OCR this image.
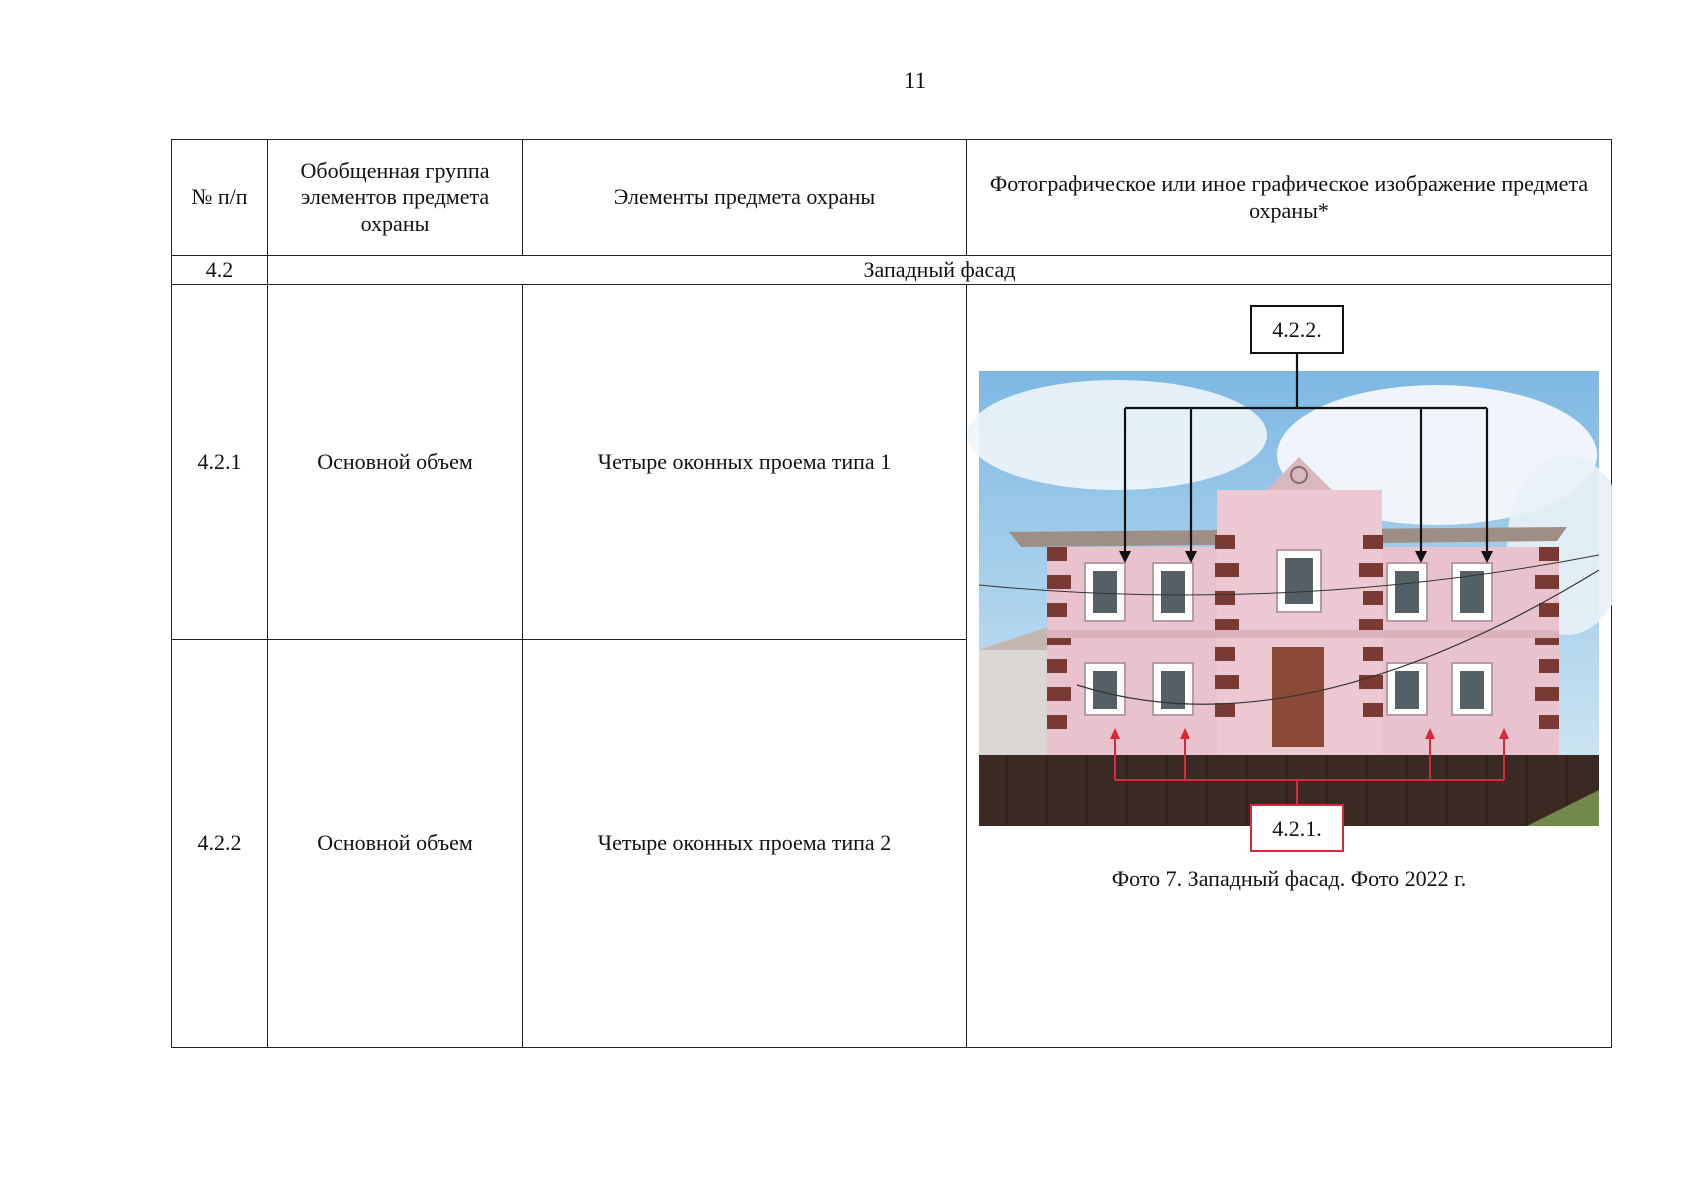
11
№ п/п	Обобщенная группа элементов предмета охраны	Элементы предмета охраны	Фотографическое или иное графическое изображение предмета охраны*
4.2	Западный фасад		
4.2.1	Основной объем	Четыре оконных проема типа 1	4.2.2.
4.2.1.
Фото 7. Западный фасад. Фото 2022 г.

4.2.2	Основной объем	Четыре оконных проема типа 2	
